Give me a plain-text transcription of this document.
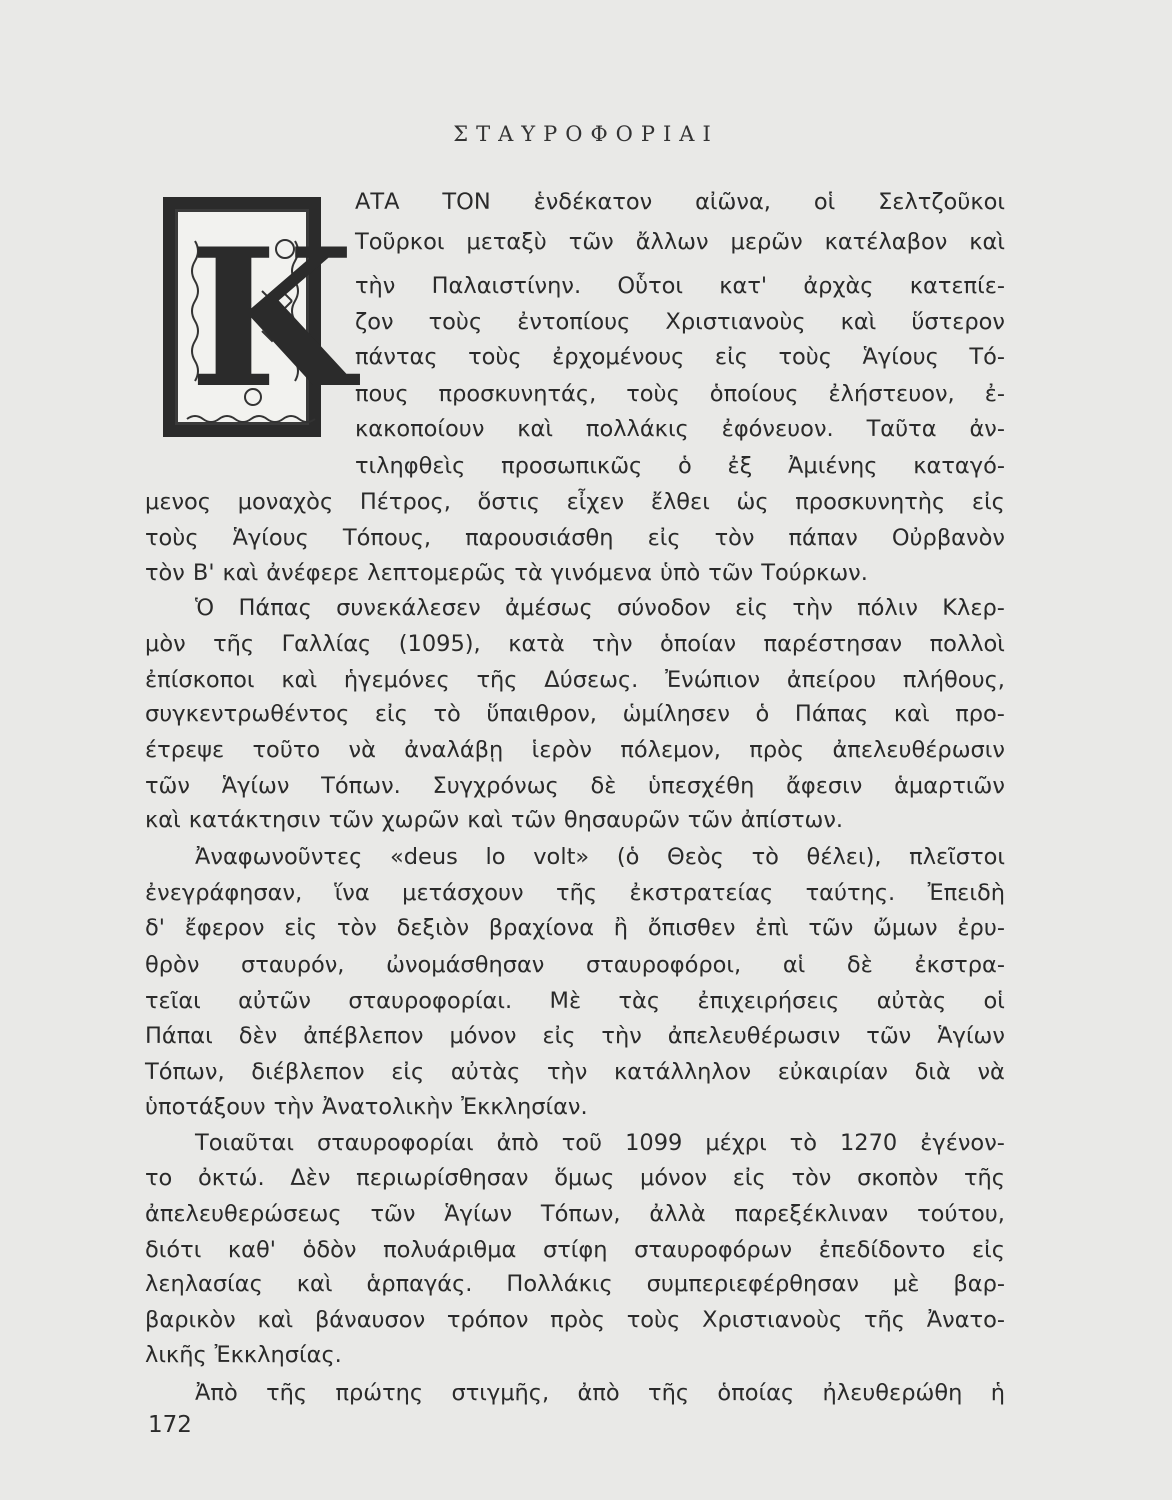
ΣΤΑΥΡΟΦΟΡΙΑΙ
Κ
ΑΤΑ ΤΟΝ ἑνδέκατον αἰῶνα, οἱ Σελτζοῦκοι
Τοῦρκοι μεταξὺ τῶν ἄλλων μερῶν κατέλαβον καὶ
τὴν Παλαιστίνην. Οὗτοι κατ' ἀρχὰς κατεπίε-
ζον τοὺς ἐντοπίους Χριστιανοὺς καὶ ὕστερον
πάντας τοὺς ἐρχομένους εἰς τοὺς Ἁγίους Τό-
πους προσκυνητάς, τοὺς ὁποίους ἐλήστευον, ἐ-
κακοποίουν καὶ πολλάκις ἐφόνευον. Ταῦτα ἀν-
τιληφθεὶς προσωπικῶς ὁ ἐξ Ἀμιένης καταγό-
μενος μοναχὸς Πέτρος, ὅστις εἶχεν ἔλθει ὡς προσκυνητὴς εἰς
τοὺς Ἁγίους Τόπους, παρουσιάσθη εἰς τὸν πάπαν Οὐρβανὸν
τὸν Β' καὶ ἀνέφερε λεπτομερῶς τὰ γινόμενα ὑπὸ τῶν Τούρκων.
Ὁ Πάπας συνεκάλεσεν ἀμέσως σύνοδον εἰς τὴν πόλιν Κλερ-
μὸν τῆς Γαλλίας (1095), κατὰ τὴν ὁποίαν παρέστησαν πολλοὶ
ἐπίσκοποι καὶ ἡγεμόνες τῆς Δύσεως. Ἐνώπιον ἀπείρου πλήθους,
συγκεντρωθέντος εἰς τὸ ὕπαιθρον, ὡμίλησεν ὁ Πάπας καὶ προ-
έτρεψε τοῦτο νὰ ἀναλάβῃ ἱερὸν πόλεμον, πρὸς ἀπελευθέρωσιν
τῶν Ἁγίων Τόπων. Συγχρόνως δὲ ὑπεσχέθη ἄφεσιν ἁμαρτιῶν
καὶ κατάκτησιν τῶν χωρῶν καὶ τῶν θησαυρῶν τῶν ἀπίστων.
Ἀναφωνοῦντες «deus lo volt» (ὁ Θεὸς τὸ θέλει), πλεῖστοι
ἐνεγράφησαν, ἵνα μετάσχουν τῆς ἐκστρατείας ταύτης. Ἐπειδὴ
δ' ἔφερον εἰς τὸν δεξιὸν βραχίονα ἢ ὄπισθεν ἐπὶ τῶν ὤμων ἐρυ-
θρὸν σταυρόν, ὠνομάσθησαν σταυροφόροι, αἱ δὲ ἐκστρα-
τεῖαι αὐτῶν σταυροφορίαι. Μὲ τὰς ἐπιχειρήσεις αὐτὰς οἱ
Πάπαι δὲν ἀπέβλεπον μόνον εἰς τὴν ἀπελευθέρωσιν τῶν Ἁγίων
Τόπων, διέβλεπον εἰς αὐτὰς τὴν κατάλληλον εὐκαιρίαν διὰ νὰ
ὑποτάξουν τὴν Ἀνατολικὴν Ἐκκλησίαν.
Τοιαῦται σταυροφορίαι ἀπὸ τοῦ 1099 μέχρι τὸ 1270 ἐγένον-
το ὀκτώ. Δὲν περιωρίσθησαν ὅμως μόνον εἰς τὸν σκοπὸν τῆς
ἀπελευθερώσεως τῶν Ἁγίων Τόπων, ἀλλὰ παρεξέκλιναν τούτου,
διότι καθ' ὁδὸν πολυάριθμα στίφη σταυροφόρων ἐπεδίδοντο εἰς
λεηλασίας καὶ ἁρπαγάς. Πολλάκις συμπεριεφέρθησαν μὲ βαρ-
βαρικὸν καὶ βάναυσον τρόπον πρὸς τοὺς Χριστιανοὺς τῆς Ἀνατο-
λικῆς Ἐκκλησίας.
Ἀπὸ τῆς πρώτης στιγμῆς, ἀπὸ τῆς ὁποίας ἠλευθερώθη ἡ
172
